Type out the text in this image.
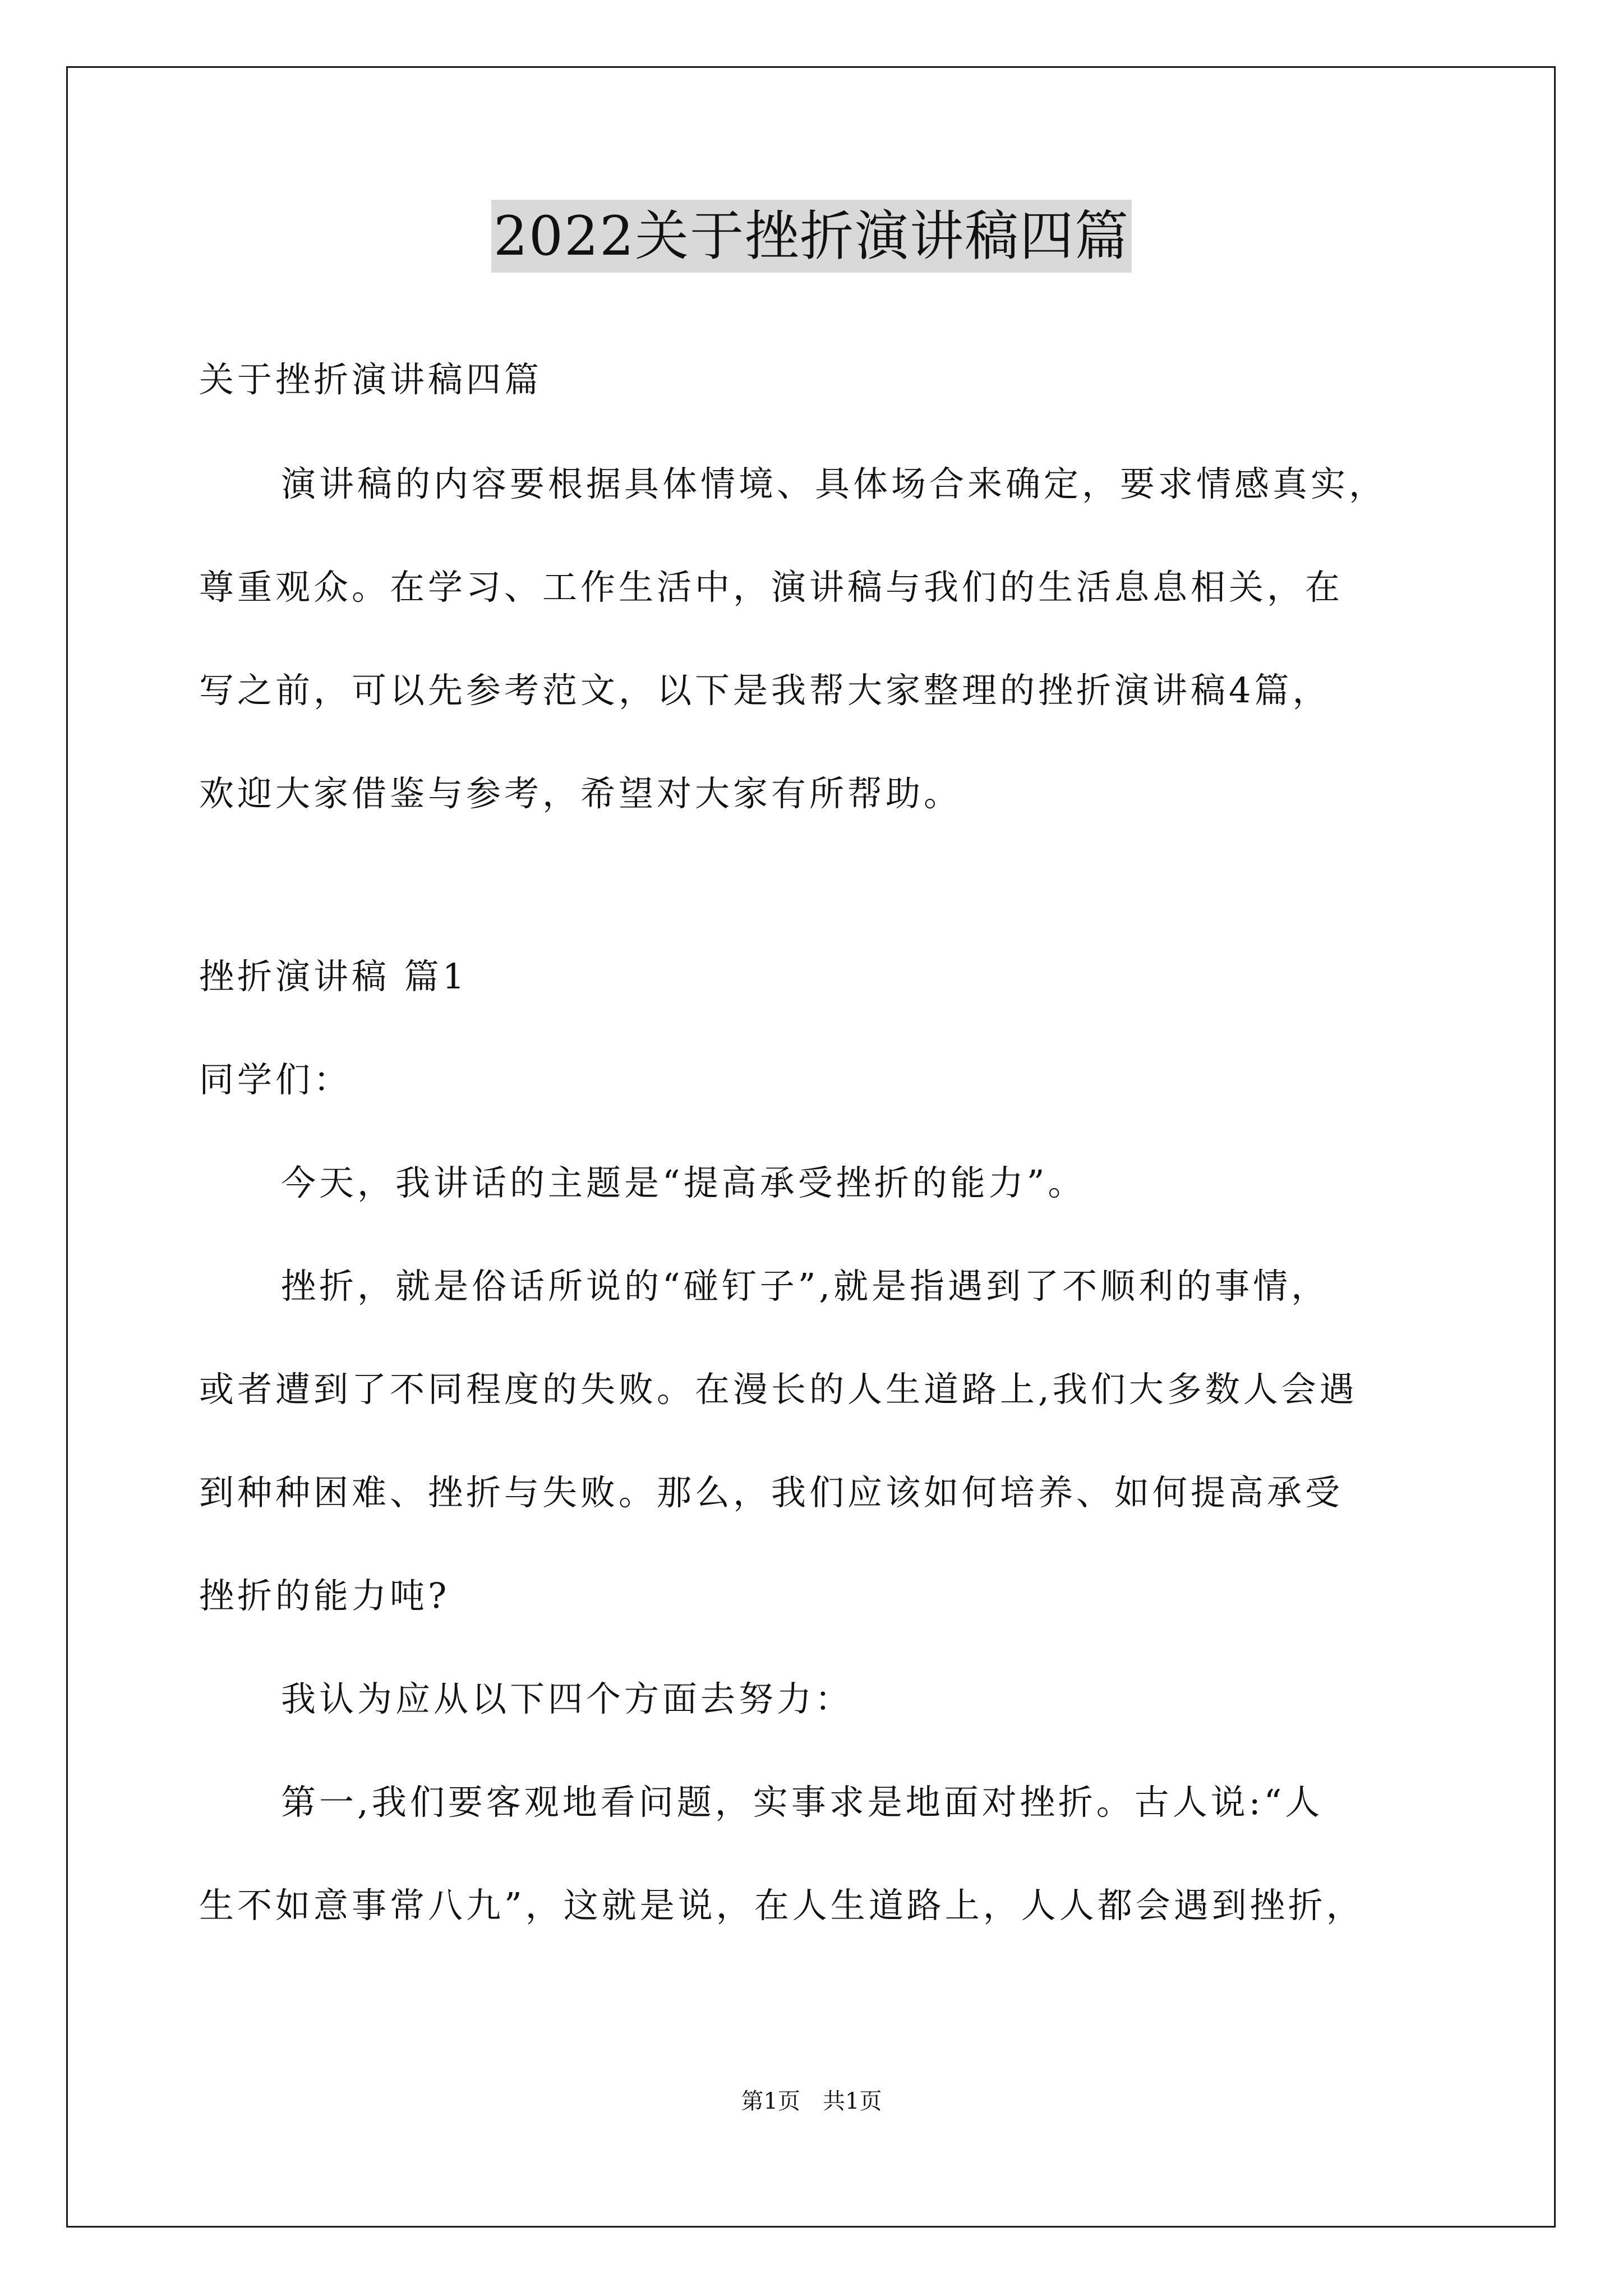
2022关于挫折演讲稿四篇
关于挫折演讲稿四篇
演讲稿的内容要根据具体情境、具体场合来确定，要求情感真实，
尊重观众。在学习、工作生活中，演讲稿与我们的生活息息相关，在
写之前，可以先参考范文，以下是我帮大家整理的挫折演讲稿4篇，
欢迎大家借鉴与参考，希望对大家有所帮助。
挫折演讲稿 篇1
同学们：
今天，我讲话的主题是“提高承受挫折的能力”。
挫折，就是俗话所说的“碰钉子”,就是指遇到了不顺利的事情，
或者遭到了不同程度的失败。在漫长的人生道路上,我们大多数人会遇
到种种困难、挫折与失败。那么，我们应该如何培养、如何提高承受
挫折的能力吨?
我认为应从以下四个方面去努力：
第一,我们要客观地看问题，实事求是地面对挫折。古人说:“人
生不如意事常八九”，这就是说，在人生道路上，人人都会遇到挫折，
第1页　共1页
